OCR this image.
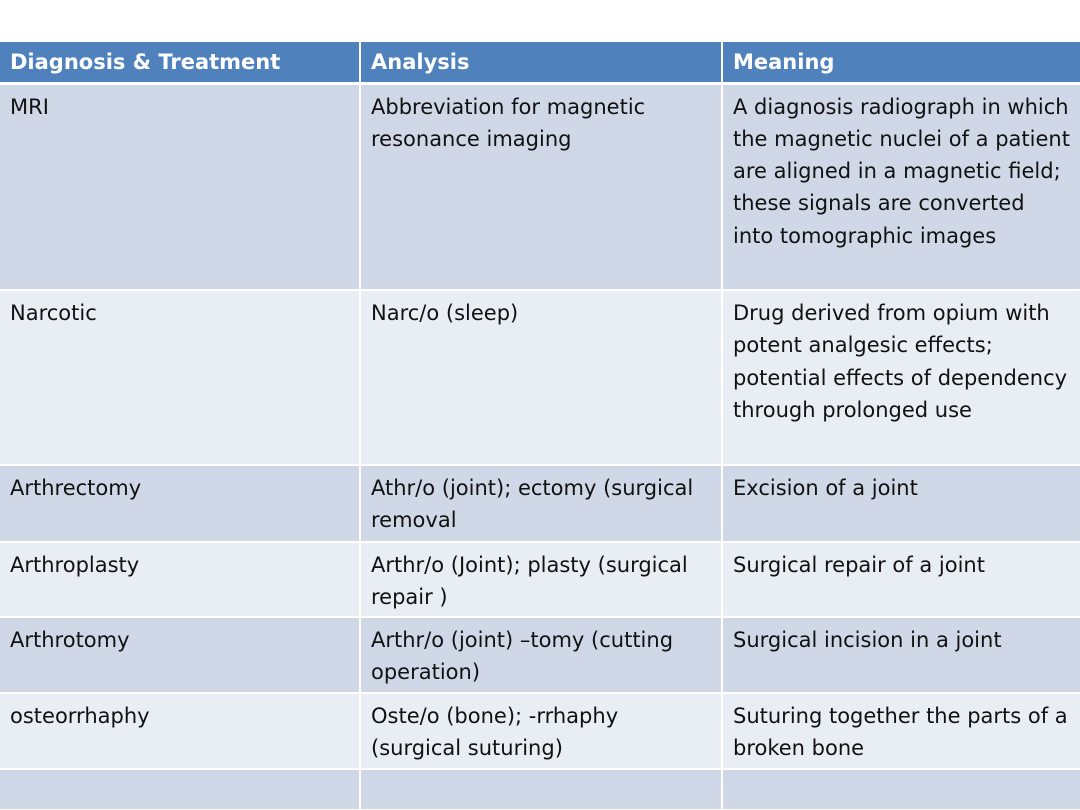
Diagnosis & Treatment	Analysis	Meaning
MRI	Abbreviation for magnetic resonance imaging	A diagnosis radiograph in which the magnetic nuclei of a patient are aligned in a magnetic field; these signals are converted into tomographic images
Narcotic	Narc/o (sleep)	Drug derived from opium with potent analgesic effects; potential effects of dependency through prolonged use
Arthrectomy	Athr/o (joint); ectomy (surgical removal	Excision of a joint
Arthroplasty	Arthr/o (Joint); plasty (surgical repair )	Surgical repair of a joint
Arthrotomy	Arthr/o (joint) –tomy (cutting operation)	Surgical incision in a joint
osteorrhaphy	Oste/o (bone); -rrhaphy (surgical suturing)	Suturing together the parts of a broken bone
